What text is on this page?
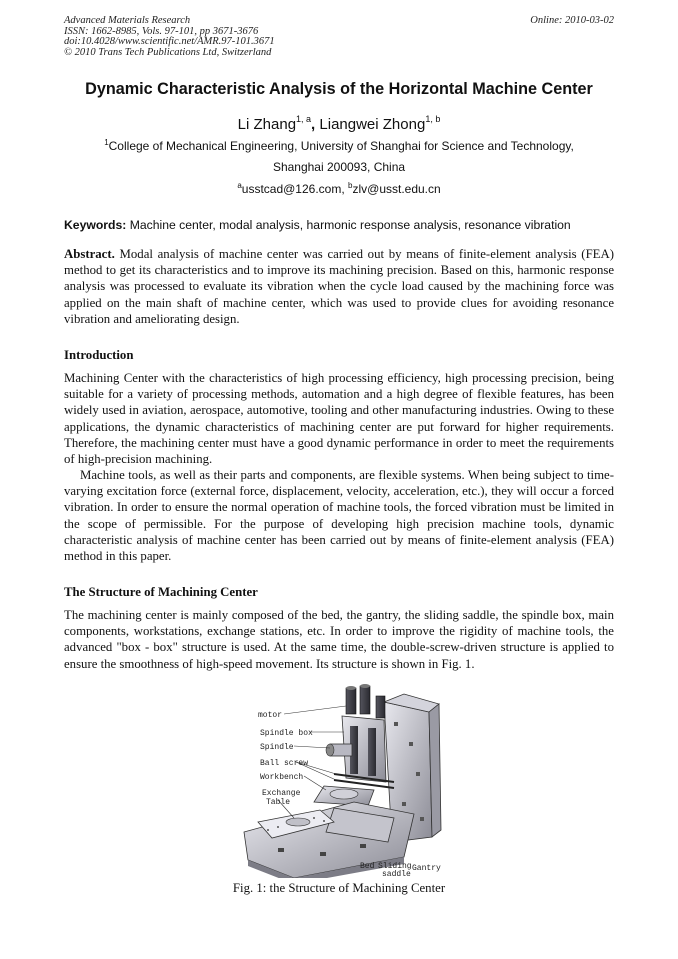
Advanced Materials Research
ISSN: 1662-8985, Vols. 97-101, pp 3671-3676
doi:10.4028/www.scientific.net/AMR.97-101.3671
© 2010 Trans Tech Publications Ltd, Switzerland
Online: 2010-03-02
Dynamic Characteristic Analysis of the Horizontal Machine Center
Li Zhang$^{1, a}$, Liangwei Zhong$^{1, b}$
$^1$College of Mechanical Engineering, University of Shanghai for Science and Technology,
Shanghai 200093, China
$^a$usstcad@126.com, $^b$zlv@usst.edu.cn
Keywords: Machine center, modal analysis, harmonic response analysis, resonance vibration
Abstract. Modal analysis of machine center was carried out by means of finite-element analysis (FEA) method to get its characteristics and to improve its machining precision. Based on this, harmonic response analysis was processed to evaluate its vibration when the cycle load caused by the machining force was applied on the main shaft of machine center, which was used to provide clues for avoiding resonance vibration and ameliorating design.
Introduction
Machining Center with the characteristics of high processing efficiency, high processing precision, being suitable for a variety of processing methods, automation and a high degree of flexible features, has been widely used in aviation, aerospace, automotive, tooling and other manufacturing industries. Owing to these applications, the dynamic characteristics of machining center are put forward for higher requirements. Therefore, the machining center must have a good dynamic performance in order to meet the requirements of high-precision machining.
Machine tools, as well as their parts and components, are flexible systems. When being subject to time-varying excitation force (external force, displacement, velocity, acceleration, etc.), they will occur a forced vibration. In order to ensure the normal operation of machine tools, the forced vibration must be limited in the scope of permissible. For the purpose of developing high precision machine tools, dynamic characteristic analysis of machine center has been carried out by means of finite-element analysis (FEA) method in this paper.
The Structure of Machining Center
The machining center is mainly composed of the bed, the gantry, the sliding saddle, the spindle box, main components, workstations, exchange stations, etc. In order to improve the rigidity of machine tools, the advanced "box - box" structure is used. At the same time, the double-screw-driven structure is applied to ensure the smoothness of high-speed movement. Its structure is shown in Fig. 1.
motor
Spindle box
Spindle
Ball screw
Workbench
Exchange
Table
Bed Sliding
saddle
Gantry
Fig. 1: the Structure of Machining Center
